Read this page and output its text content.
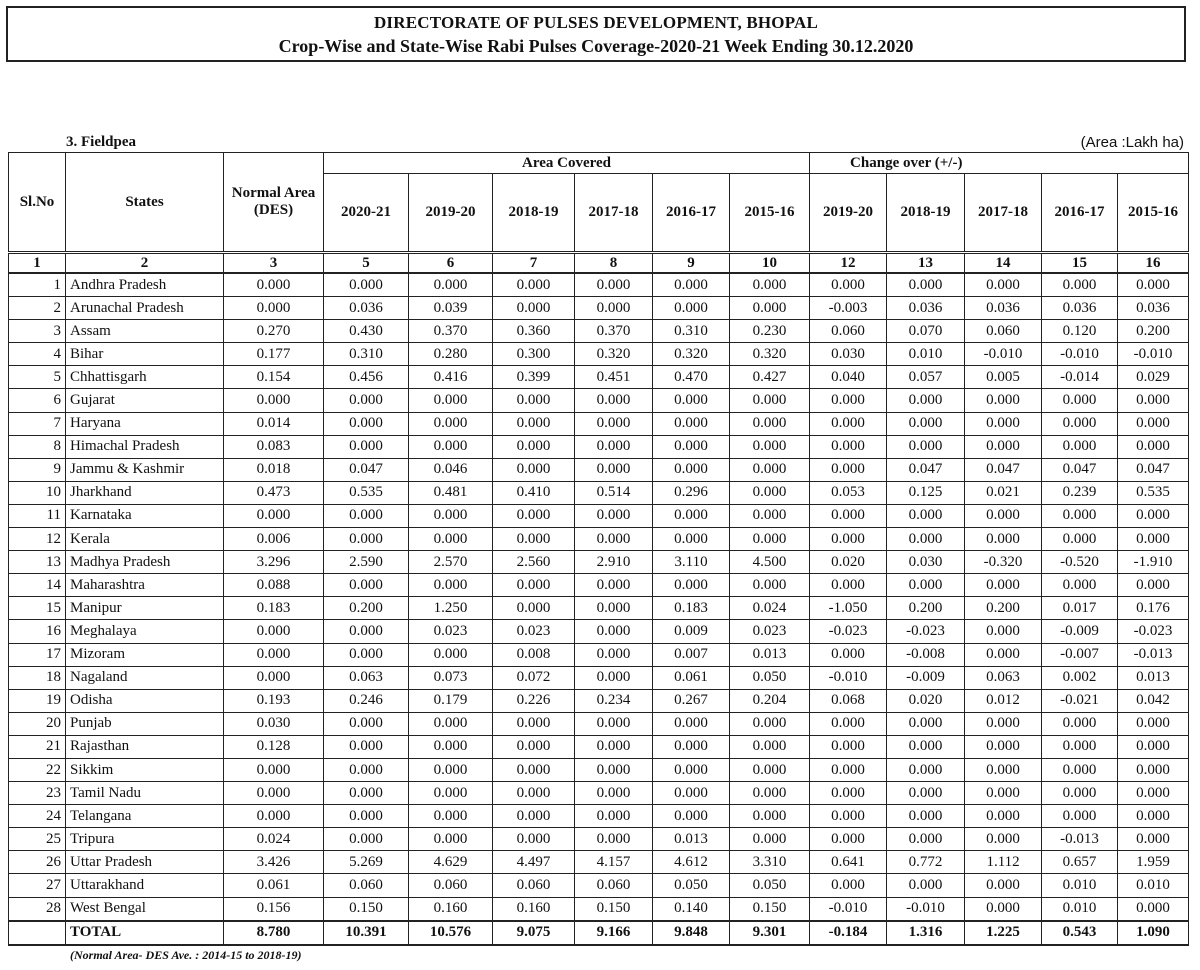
DIRECTORATE OF PULSES DEVELOPMENT, BHOPAL
Crop-Wise and State-Wise Rabi Pulses Coverage-2020-21 Week Ending 30.12.2020
3. Fieldpea	(Area :Lakh ha)
Sl.No	States	Normal Area (DES)	Area Covered						Change over (+/-)				
			2020-21	2019-20	2018-19	2017-18	2016-17	2015-16	2019-20	2018-19	2017-18	2016-17	2015-16
1	2	3	5	6	7	8	9	10	12	13	14	15	16
1	Andhra Pradesh	0.000	0.000	0.000	0.000	0.000	0.000	0.000	0.000	0.000	0.000	0.000	0.000
2	Arunachal Pradesh	0.000	0.036	0.039	0.000	0.000	0.000	0.000	-0.003	0.036	0.036	0.036	0.036
3	Assam	0.270	0.430	0.370	0.360	0.370	0.310	0.230	0.060	0.070	0.060	0.120	0.200
4	Bihar	0.177	0.310	0.280	0.300	0.320	0.320	0.320	0.030	0.010	-0.010	-0.010	-0.010
5	Chhattisgarh	0.154	0.456	0.416	0.399	0.451	0.470	0.427	0.040	0.057	0.005	-0.014	0.029
6	Gujarat	0.000	0.000	0.000	0.000	0.000	0.000	0.000	0.000	0.000	0.000	0.000	0.000
7	Haryana	0.014	0.000	0.000	0.000	0.000	0.000	0.000	0.000	0.000	0.000	0.000	0.000
8	Himachal Pradesh	0.083	0.000	0.000	0.000	0.000	0.000	0.000	0.000	0.000	0.000	0.000	0.000
9	Jammu & Kashmir	0.018	0.047	0.046	0.000	0.000	0.000	0.000	0.000	0.047	0.047	0.047	0.047
10	Jharkhand	0.473	0.535	0.481	0.410	0.514	0.296	0.000	0.053	0.125	0.021	0.239	0.535
11	Karnataka	0.000	0.000	0.000	0.000	0.000	0.000	0.000	0.000	0.000	0.000	0.000	0.000
12	Kerala	0.006	0.000	0.000	0.000	0.000	0.000	0.000	0.000	0.000	0.000	0.000	0.000
13	Madhya Pradesh	3.296	2.590	2.570	2.560	2.910	3.110	4.500	0.020	0.030	-0.320	-0.520	-1.910
14	Maharashtra	0.088	0.000	0.000	0.000	0.000	0.000	0.000	0.000	0.000	0.000	0.000	0.000
15	Manipur	0.183	0.200	1.250	0.000	0.000	0.183	0.024	-1.050	0.200	0.200	0.017	0.176
16	Meghalaya	0.000	0.000	0.023	0.023	0.000	0.009	0.023	-0.023	-0.023	0.000	-0.009	-0.023
17	Mizoram	0.000	0.000	0.000	0.008	0.000	0.007	0.013	0.000	-0.008	0.000	-0.007	-0.013
18	Nagaland	0.000	0.063	0.073	0.072	0.000	0.061	0.050	-0.010	-0.009	0.063	0.002	0.013
19	Odisha	0.193	0.246	0.179	0.226	0.234	0.267	0.204	0.068	0.020	0.012	-0.021	0.042
20	Punjab	0.030	0.000	0.000	0.000	0.000	0.000	0.000	0.000	0.000	0.000	0.000	0.000
21	Rajasthan	0.128	0.000	0.000	0.000	0.000	0.000	0.000	0.000	0.000	0.000	0.000	0.000
22	Sikkim	0.000	0.000	0.000	0.000	0.000	0.000	0.000	0.000	0.000	0.000	0.000	0.000
23	Tamil Nadu	0.000	0.000	0.000	0.000	0.000	0.000	0.000	0.000	0.000	0.000	0.000	0.000
24	Telangana	0.000	0.000	0.000	0.000	0.000	0.000	0.000	0.000	0.000	0.000	0.000	0.000
25	Tripura	0.024	0.000	0.000	0.000	0.000	0.013	0.000	0.000	0.000	0.000	-0.013	0.000
26	Uttar Pradesh	3.426	5.269	4.629	4.497	4.157	4.612	3.310	0.641	0.772	1.112	0.657	1.959
27	Uttarakhand	0.061	0.060	0.060	0.060	0.060	0.050	0.050	0.000	0.000	0.000	0.010	0.010
28	West Bengal	0.156	0.150	0.160	0.160	0.150	0.140	0.150	-0.010	-0.010	0.000	0.010	0.000
	TOTAL	8.780	10.391	10.576	9.075	9.166	9.848	9.301	-0.184	1.316	1.225	0.543	1.090
(Normal Area- DES Ave. : 2014-15 to 2018-19)
